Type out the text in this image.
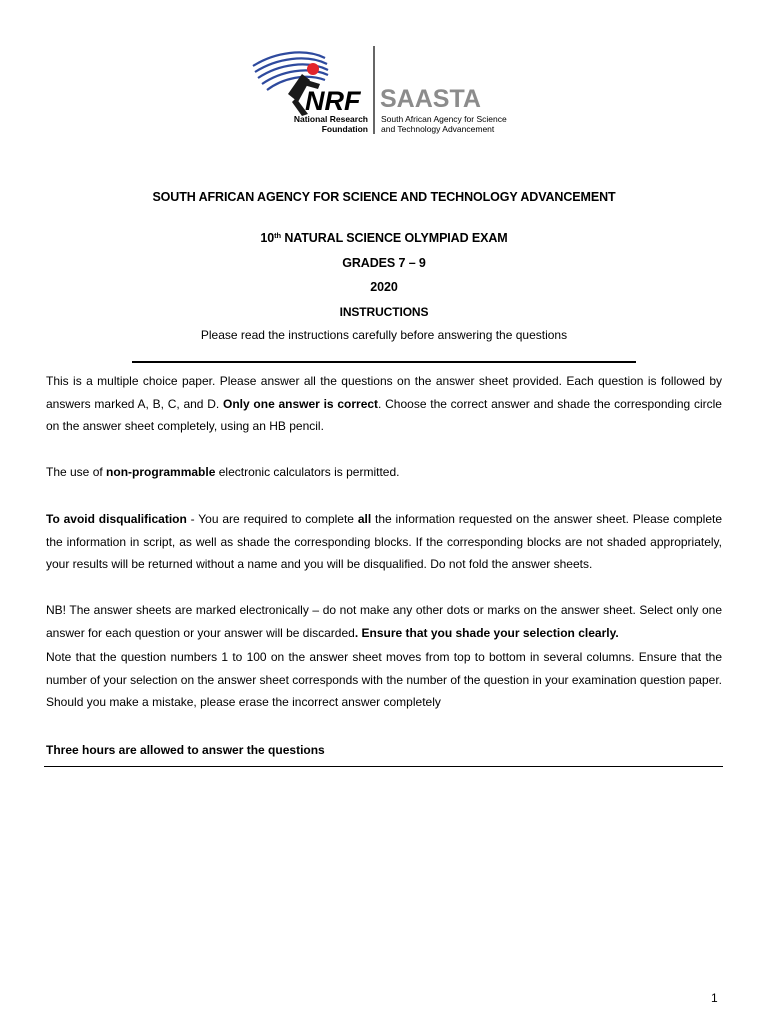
NRF
National Research
Foundation
SAASTA
South African Agency for Science
and Technology Advancement
SOUTH AFRICAN AGENCY FOR SCIENCE AND TECHNOLOGY ADVANCEMENT
10th NATURAL SCIENCE OLYMPIAD EXAM
GRADES 7 – 9
2020
INSTRUCTIONS
Please read the instructions carefully before answering the questions

This is a multiple choice paper. Please answer all the questions on the answer sheet provided. Each question is followed by answers marked A, B, C, and D. Only one answer is correct. Choose the correct answer and shade the corresponding circle on the answer sheet completely, using an HB pencil.

The use of non-programmable electronic calculators is permitted.

To avoid disqualification - You are required to complete all the information requested on the answer sheet. Please complete the information in script, as well as shade the corresponding blocks. If the corresponding blocks are not shaded appropriately, your results will be returned without a name and you will be disqualified. Do not fold the answer sheets.

NB! The answer sheets are marked electronically – do not make any other dots or marks on the answer sheet. Select only one answer for each question or your answer will be discarded. Ensure that you shade your selection clearly.

Note that the question numbers 1 to 100 on the answer sheet moves from top to bottom in several columns. Ensure that the number of your selection on the answer sheet corresponds with the number of the question in your examination question paper. Should you make a mistake, please erase the incorrect answer completely

Three hours are allowed to answer the questions

1
